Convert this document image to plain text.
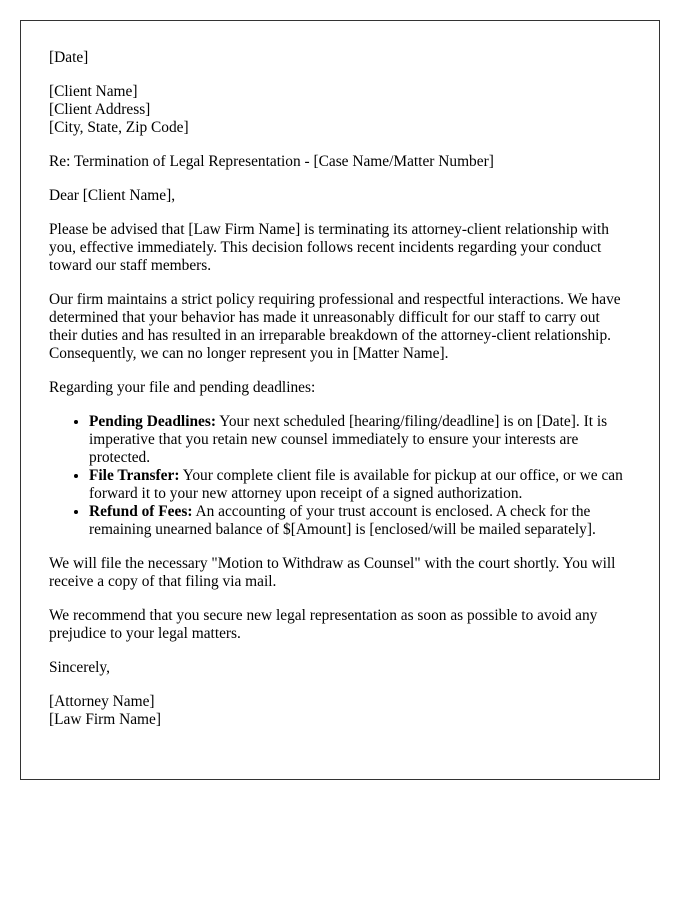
[Date]
[Client Name]
[Client Address]
[City, State, Zip Code]

Re: Termination of Legal Representation - [Case Name/Matter Number]

Dear [Client Name],

Please be advised that [Law Firm Name] is terminating its attorney-client relationship with you, effective immediately. This decision follows recent incidents regarding your conduct toward our staff members.

Our firm maintains a strict policy requiring professional and respectful interactions. We have determined that your behavior has made it unreasonably difficult for our staff to carry out their duties and has resulted in an irreparable breakdown of the attorney-client relationship. Consequently, we can no longer represent you in [Matter Name].

Regarding your file and pending deadlines:

• Pending Deadlines: Your next scheduled [hearing/filing/deadline] is on [Date]. It is imperative that you retain new counsel immediately to ensure your interests are protected.
• File Transfer: Your complete client file is available for pickup at our office, or we can forward it to your new attorney upon receipt of a signed authorization.
• Refund of Fees: An accounting of your trust account is enclosed. A check for the remaining unearned balance of $[Amount] is [enclosed/will be mailed separately].

We will file the necessary "Motion to Withdraw as Counsel" with the court shortly. You will receive a copy of that filing via mail.

We recommend that you secure new legal representation as soon as possible to avoid any prejudice to your legal matters.

Sincerely,

[Attorney Name]
[Law Firm Name]
